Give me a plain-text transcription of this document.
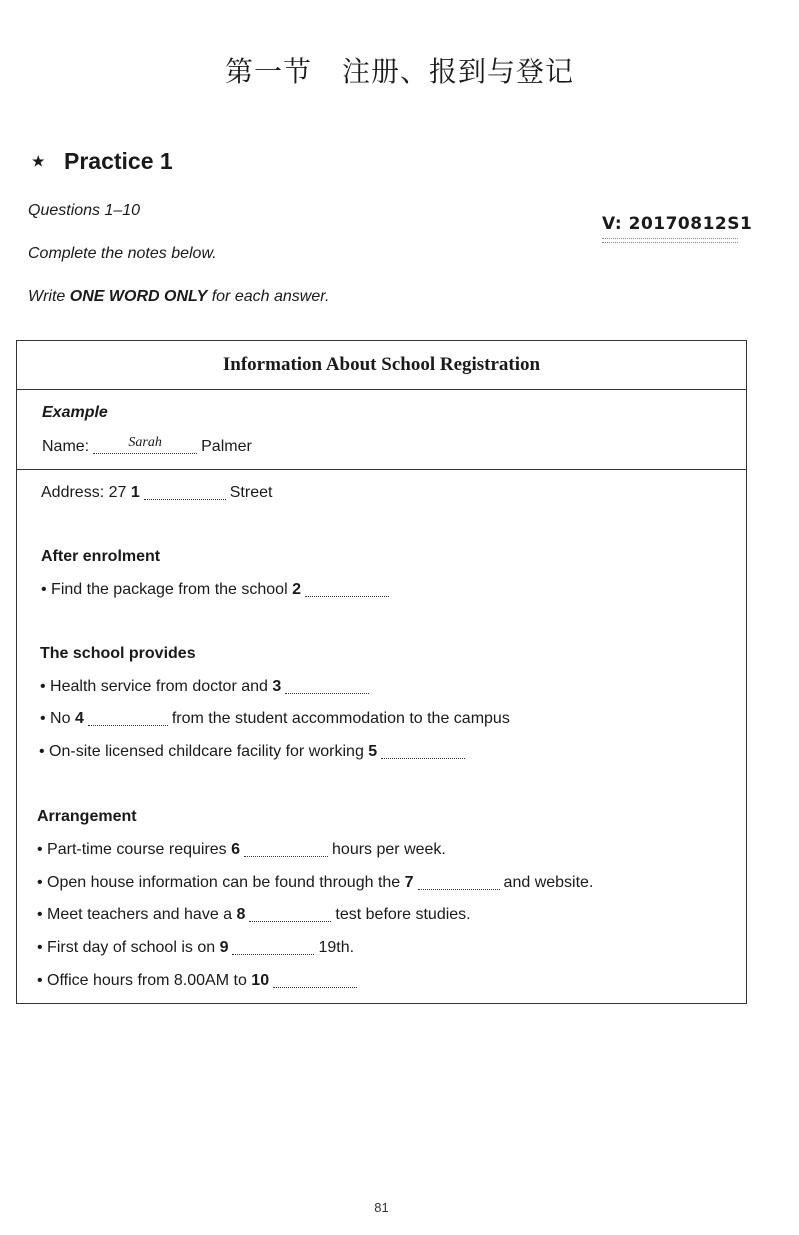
第一节 注册、报到与登记
★ Practice 1
Questions 1–10
Complete the notes below.
Write ONE WORD ONLY for each answer.
V: 20170812S1
Information About School Registration
Example
Name:	Sarah	Palmer
Address: 27 1	Street
After enrolment
• Find the package from the school 2
The school provides
• Health service from doctor and 3
• No 4	from the student accommodation to the campus
• On-site licensed childcare facility for working 5
Arrangement
• Part-time course requires 6	hours per week.
• Open house information can be found through the 7	and website.
• Meet teachers and have a 8	test before studies.
• First day of school is on 9	19th.
• Office hours from 8.00AM to 10
81
